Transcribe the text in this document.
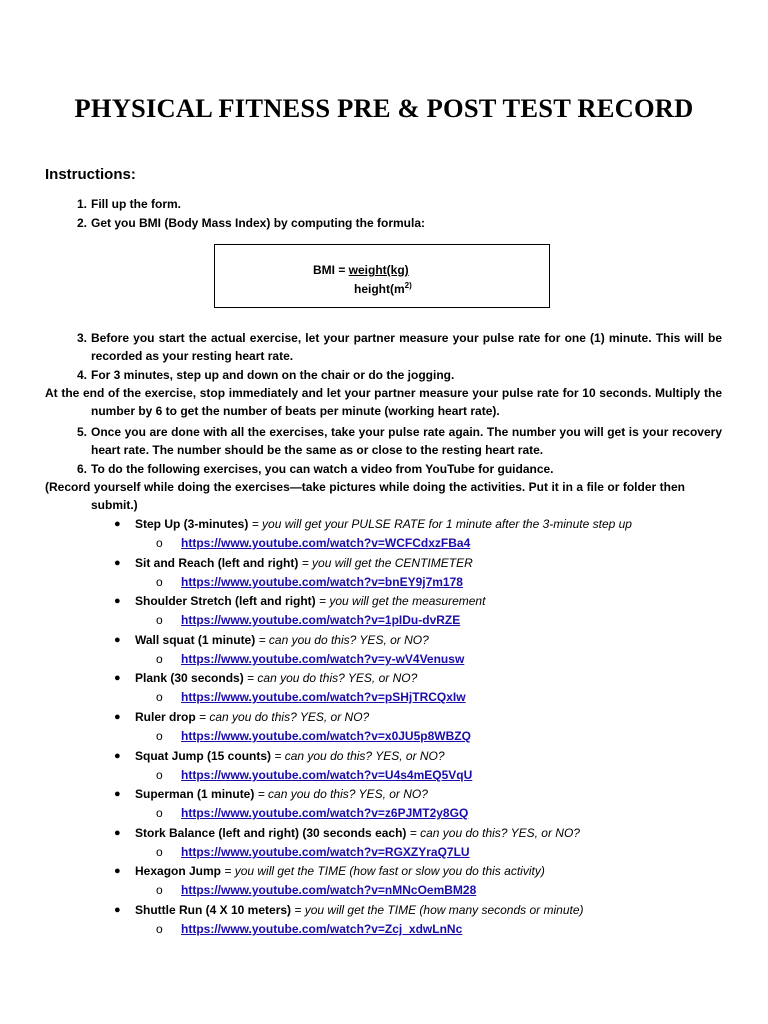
PHYSICAL FITNESS PRE & POST TEST RECORD
Instructions:
1. Fill up the form.
2. Get you BMI (Body Mass Index) by computing the formula:
BMI = weight(kg)
$height(m^{2)}$
3. Before you start the actual exercise, let your partner measure your pulse rate for one (1) minute. This will be
recorded as your resting heart rate.
4. For 3 minutes, step up and down on the chair or do the jogging.
At the end of the exercise, stop immediately and let your partner measure your pulse rate for 10 seconds. Multiply the
number by 6 to get the number of beats per minute (working heart rate).
5. Once you are done with all the exercises, take your pulse rate again. The number you will get is your recovery
heart rate. The number should be the same as or close to the resting heart rate.
6. To do the following exercises, you can watch a video from YouTube for guidance.
(Record yourself while doing the exercises—take pictures while doing the activities. Put it in a file or folder then
submit.)
● Step Up (3-minutes) = you will get your PULSE RATE for 1 minute after the 3-minute step up
o https://www.youtube.com/watch?v=WCFCdxzFBa4
● Sit and Reach (left and right) = you will get the CENTIMETER
o https://www.youtube.com/watch?v=bnEY9j7m178
● Shoulder Stretch (left and right) = you will get the measurement
o https://www.youtube.com/watch?v=1pIDu-dvRZE
● Wall squat (1 minute) = can you do this? YES, or NO?
o https://www.youtube.com/watch?v=y-wV4Venusw
● Plank (30 seconds) = can you do this? YES, or NO?
o https://www.youtube.com/watch?v=pSHjTRCQxIw
● Ruler drop = can you do this? YES, or NO?
o https://www.youtube.com/watch?v=x0JU5p8WBZQ
● Squat Jump (15 counts) = can you do this? YES, or NO?
o https://www.youtube.com/watch?v=U4s4mEQ5VqU
● Superman (1 minute) = can you do this? YES, or NO?
o https://www.youtube.com/watch?v=z6PJMT2y8GQ
● Stork Balance (left and right) (30 seconds each) = can you do this? YES, or NO?
o https://www.youtube.com/watch?v=RGXZYraQ7LU
● Hexagon Jump = you will get the TIME (how fast or slow you do this activity)
o https://www.youtube.com/watch?v=nMNcOemBM28
● Shuttle Run (4 X 10 meters) = you will get the TIME (how many seconds or minute)
o https://www.youtube.com/watch?v=Zcj_xdwLnNc
